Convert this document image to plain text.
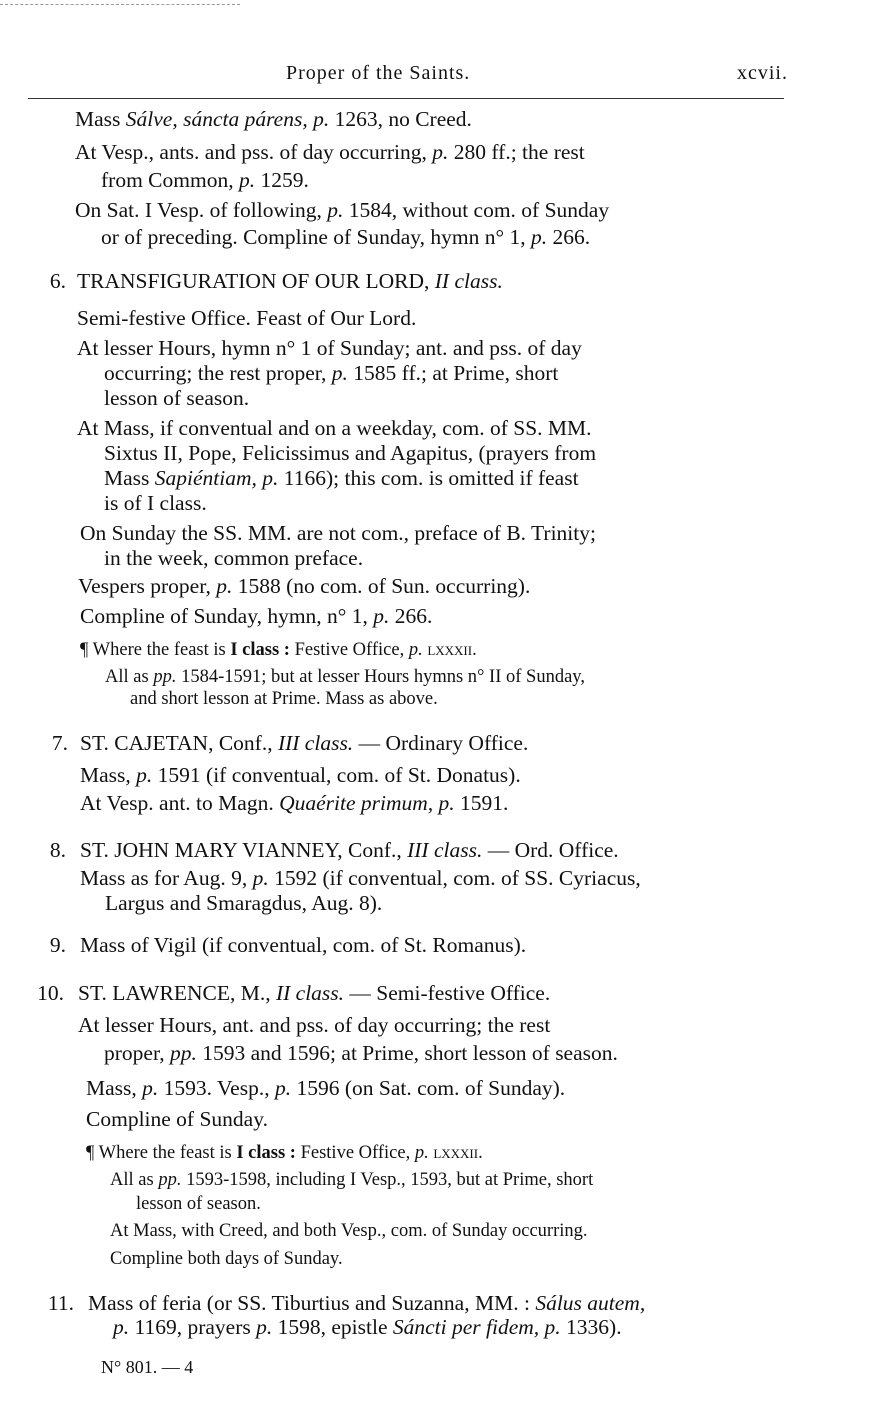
Proper of the Saints.	xcvii.
Mass Sálve, sáncta párens, p. 1263, no Creed.
At Vesp., ants. and pss. of day occurring, p. 280 ff.; the rest
from Common, p. 1259.
On Sat. I Vesp. of following, p. 1584, without com. of Sunday
or of preceding. Compline of Sunday, hymn n° 1, p. 266.
6. TRANSFIGURATION OF OUR LORD, II class.
Semi-festive Office. Feast of Our Lord.
At lesser Hours, hymn n° 1 of Sunday; ant. and pss. of day
occurring; the rest proper, p. 1585 ff.; at Prime, short
lesson of season.
At Mass, if conventual and on a weekday, com. of SS. MM.
Sixtus II, Pope, Felicissimus and Agapitus, (prayers from
Mass Sapiéntiam, p. 1166); this com. is omitted if feast
is of I class.
On Sunday the SS. MM. are not com., preface of B. Trinity;
in the week, common preface.
Vespers proper, p. 1588 (no com. of Sun. occurring).
Compline of Sunday, hymn, n° 1, p. 266.
¶ Where the feast is I class : Festive Office, p. lxxxii.
All as pp. 1584-1591; but at lesser Hours hymns n° II of Sunday,
and short lesson at Prime. Mass as above.
7. ST. CAJETAN, Conf., III class. — Ordinary Office.
Mass, p. 1591 (if conventual, com. of St. Donatus).
At Vesp. ant. to Magn. Quaérite primum, p. 1591.
8. ST. JOHN MARY VIANNEY, Conf., III class. — Ord. Office.
Mass as for Aug. 9, p. 1592 (if conventual, com. of SS. Cyriacus,
Largus and Smaragdus, Aug. 8).
9. Mass of Vigil (if conventual, com. of St. Romanus).
10. ST. LAWRENCE, M., II class. — Semi-festive Office.
At lesser Hours, ant. and pss. of day occurring; the rest
proper, pp. 1593 and 1596; at Prime, short lesson of season.
Mass, p. 1593. Vesp., p. 1596 (on Sat. com. of Sunday).
Compline of Sunday.
¶ Where the feast is I class : Festive Office, p. lxxxii.
All as pp. 1593-1598, including I Vesp., 1593, but at Prime, short
lesson of season.
At Mass, with Creed, and both Vesp., com. of Sunday occurring.
Compline both days of Sunday.
11. Mass of feria (or SS. Tiburtius and Suzanna, MM. : Sálus autem,
p. 1169, prayers p. 1598, epistle Sáncti per fidem, p. 1336).
N° 801. — 4
